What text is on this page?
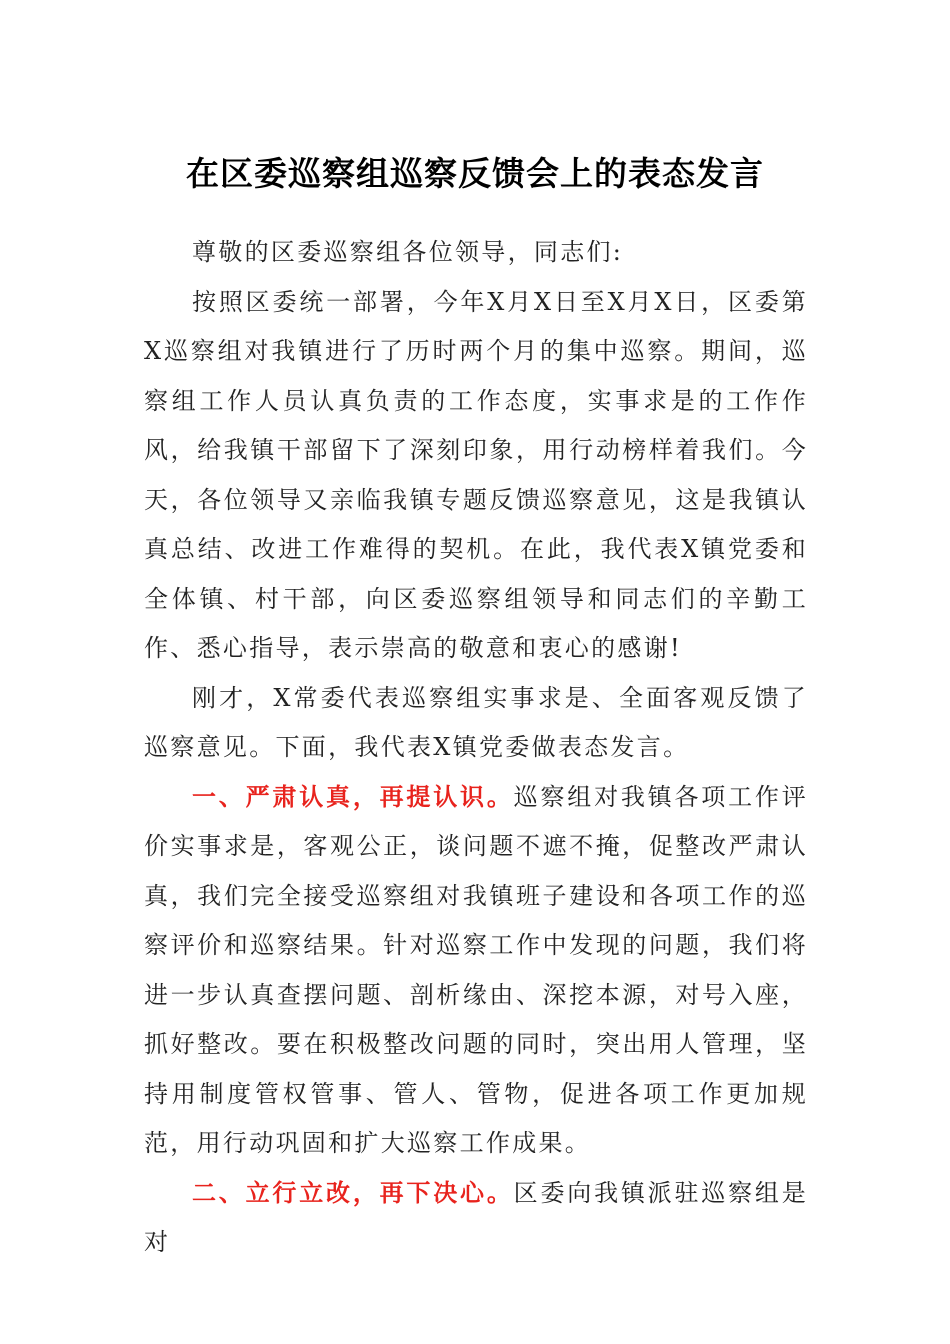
在区委巡察组巡察反馈会上的表态发言

尊敬的区委巡察组各位领导，同志们:

按照区委统一部署，今年X月X日至X月X日，区委第X巡察组对我镇进行了历时两个月的集中巡察。期间，巡察组工作人员认真负责的工作态度，实事求是的工作作风，给我镇干部留下了深刻印象，用行动榜样着我们。今天，各位领导又亲临我镇专题反馈巡察意见，这是我镇认真总结、改进工作难得的契机。在此，我代表X镇党委和全体镇、村干部，向区委巡察组领导和同志们的辛勤工作、悉心指导，表示崇高的敬意和衷心的感谢!

刚才，X常委代表巡察组实事求是、全面客观反馈了巡察意见。下面，我代表X镇党委做表态发言。

一、严肃认真，再提认识。巡察组对我镇各项工作评价实事求是，客观公正，谈问题不遮不掩，促整改严肃认真，我们完全接受巡察组对我镇班子建设和各项工作的巡察评价和巡察结果。针对巡察工作中发现的问题，我们将进一步认真查摆问题、剖析缘由、深挖本源，对号入座，抓好整改。要在积极整改问题的同时，突出用人管理，坚持用制度管权管事、管人、管物，促进各项工作更加规范，用行动巩固和扩大巡察工作成果。

二、立行立改，再下决心。区委向我镇派驻巡察组是对
